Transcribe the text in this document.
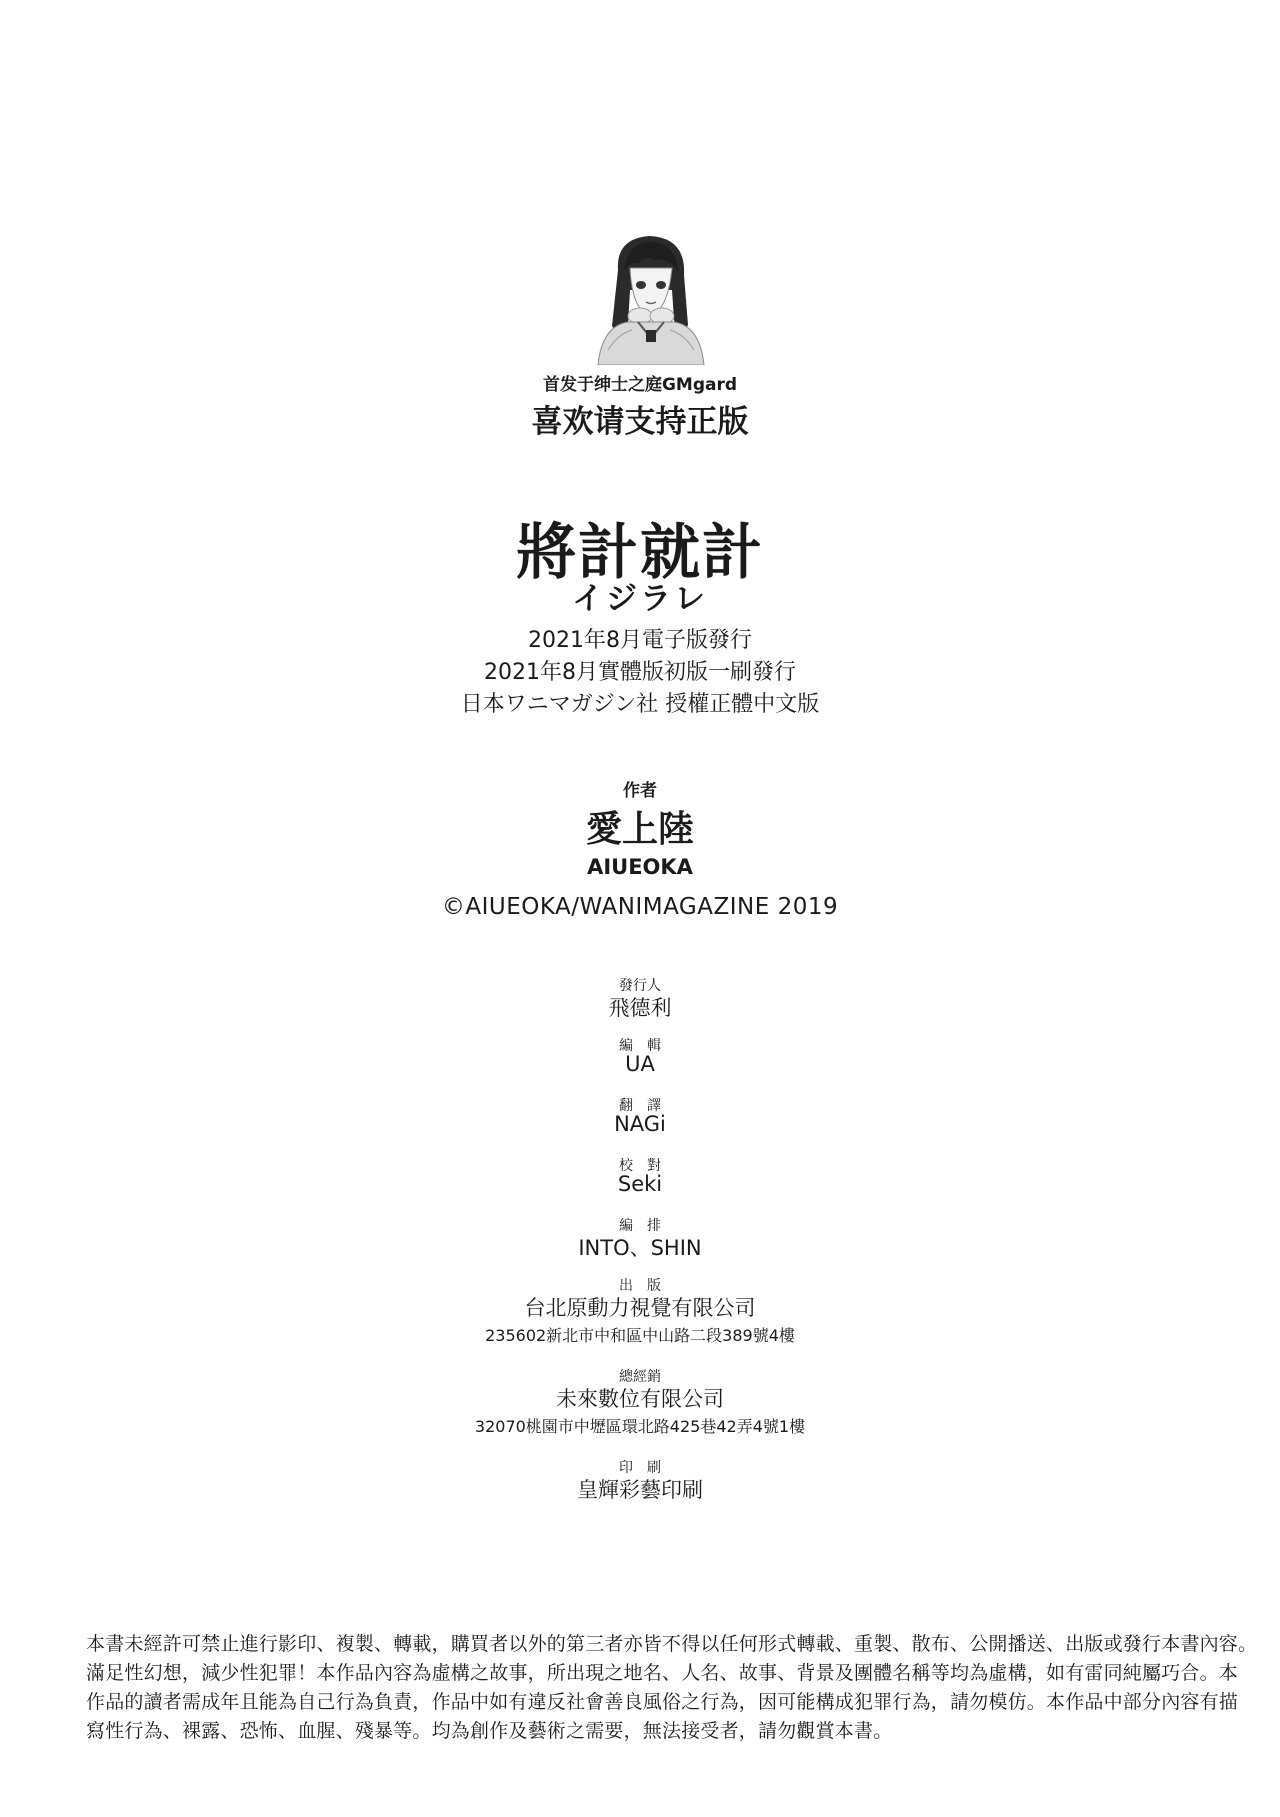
首发于绅士之庭GMgard
喜欢请支持正版
將計就計
イジラレ
2021年8月電子版發行
2021年8月實體版初版一刷發行
日本ワニマガジン社 授權正體中文版
作者
愛上陸
AIUEOKA
©AIUEOKA/WANIMAGAZINE 2019
發行人
飛德利
編　輯
UA
翻　譯
NAGi
校　對
Seki
編　排
INTO、SHIN
出　版
台北原動力視覺有限公司
235602新北市中和區中山路二段389號4樓
總經銷
未來數位有限公司
32070桃園市中壢區環北路425巷42弄4號1樓
印　刷
皇輝彩藝印刷
本書未經許可禁止進行影印、複製、轉載，購買者以外的第三者亦皆不得以任何形式轉載、重製、散布、公開播送、出版或發行本書內容。
滿足性幻想，減少性犯罪！本作品內容為虛構之故事，所出現之地名、人名、故事、背景及團體名稱等均為虛構，如有雷同純屬巧合。本
作品的讀者需成年且能為自己行為負責，作品中如有違反社會善良風俗之行為，因可能構成犯罪行為，請勿模仿。本作品中部分內容有描
寫性行為、裸露、恐怖、血腥、殘暴等。均為創作及藝術之需要，無法接受者，請勿觀賞本書。
